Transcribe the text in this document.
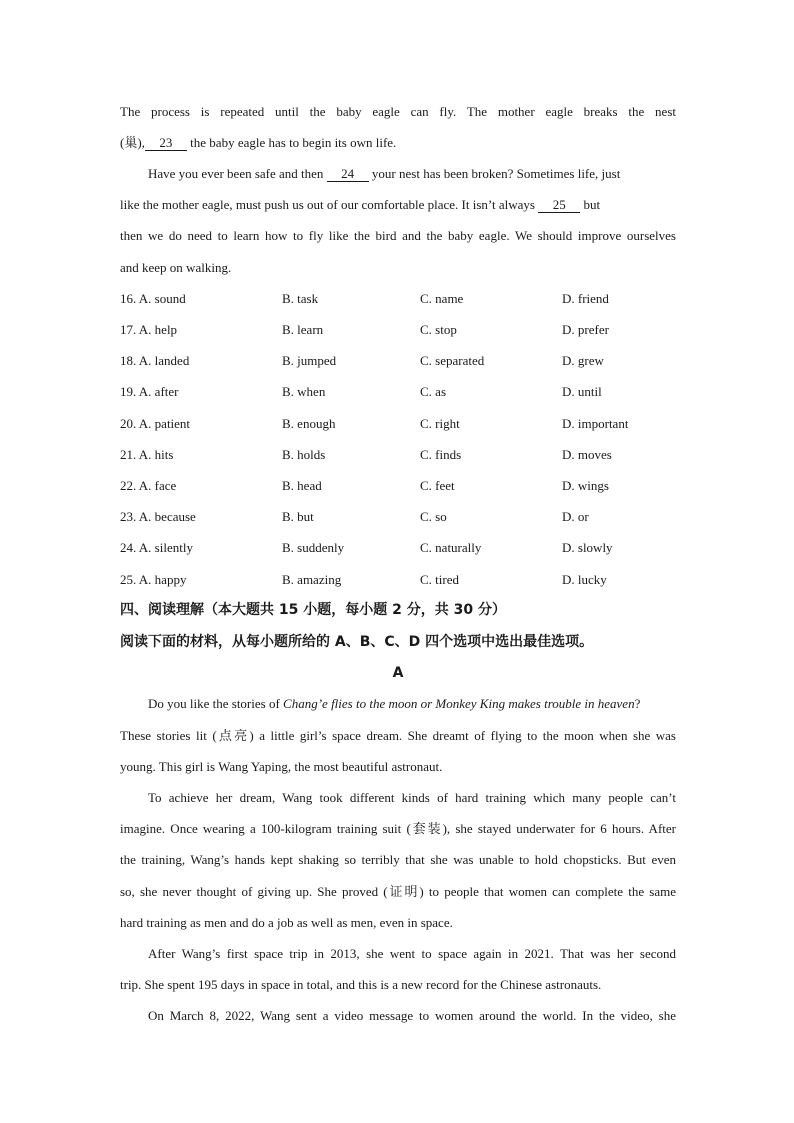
The process is repeated until the baby eagle can fly. The mother eagle breaks the nest
(巢), 23 the baby eagle has to begin its own life.
Have you ever been safe and then 24 your nest has been broken? Sometimes life, just
like the mother eagle, must push us out of our comfortable place. It isn’t always 25 but
then we do need to learn how to fly like the bird and the baby eagle. We should improve ourselves
and keep on walking.
16. A. sound	B. task	C. name	D. friend
17. A. help	B. learn	C. stop	D. prefer
18. A. landed	B. jumped	C. separated	D. grew
19. A. after	B. when	C. as	D. until
20. A. patient	B. enough	C. right	D. important
21. A. hits	B. holds	C. finds	D. moves
22. A. face	B. head	C. feet	D. wings
23. A. because	B. but	C. so	D. or
24. A. silently	B. suddenly	C. naturally	D. slowly
25. A. happy	B. amazing	C. tired	D. lucky
四、阅读理解（本大题共 15 小题，每小题 2 分，共 30 分）
阅读下面的材料，从每小题所给的 A、B、C、D 四个选项中选出最佳选项。
A
Do you like the stories of Chang’e flies to the moon or Monkey King makes trouble in heaven?
These stories lit (点亮) a little girl’s space dream. She dreamt of flying to the moon when she was
young. This girl is Wang Yaping, the most beautiful astronaut.
To achieve her dream, Wang took different kinds of hard training which many people can’t
imagine. Once wearing a 100-kilogram training suit (套装), she stayed underwater for 6 hours. After
the training, Wang’s hands kept shaking so terribly that she was unable to hold chopsticks. But even
so, she never thought of giving up. She proved (证明) to people that women can complete the same
hard training as men and do a job as well as men, even in space.
After Wang’s first space trip in 2013, she went to space again in 2021. That was her second
trip. She spent 195 days in space in total, and this is a new record for the Chinese astronauts.
On March 8, 2022, Wang sent a video message to women around the world. In the video, she
